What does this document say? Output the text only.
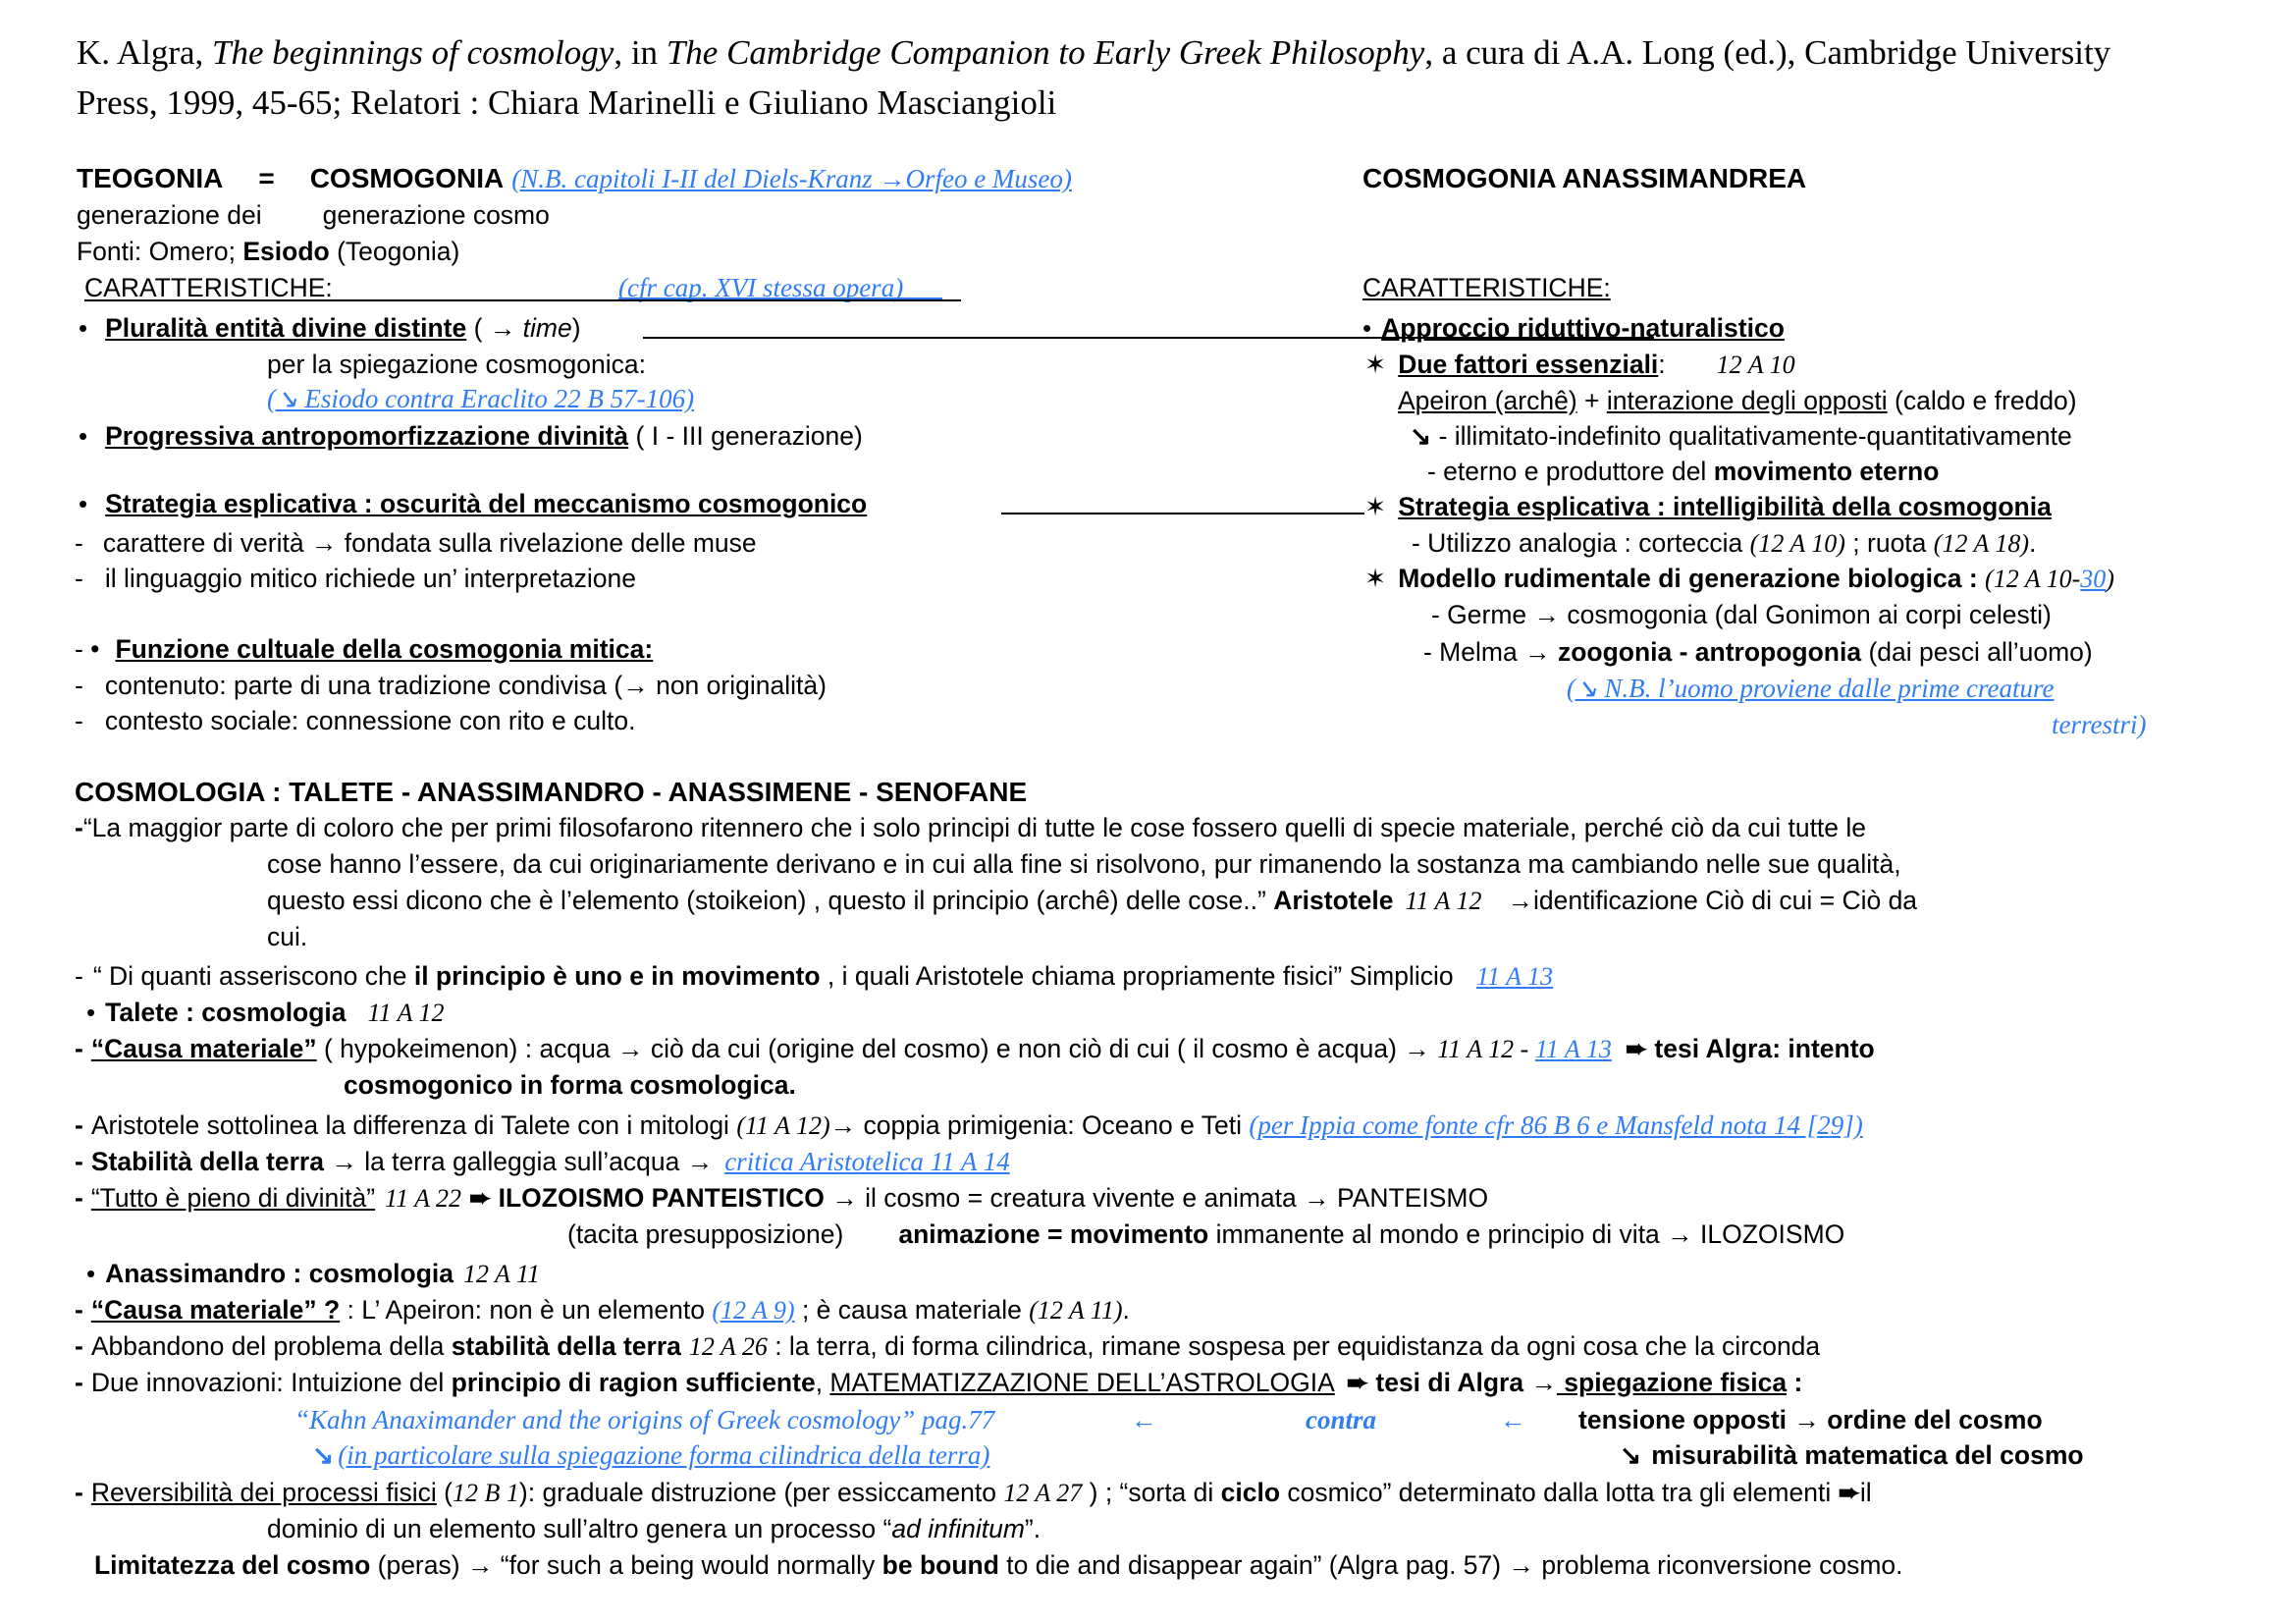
K. Algra, The beginnings of cosmology, in The Cambridge Companion to Early Greek Philosophy, a cura di A.A. Long (ed.), Cambridge University
Press, 1999, 45-65; Relatori : Chiara Marinelli e Giuliano Masciangioli
TEOGONIA = COSMOGONIA (N.B. capitoli I-II del Diels-Kranz →Orfeo e Museo)
generazione dei generazione cosmo
Fonti: Omero; Esiodo (Teogonia)
CARATTERISTICHE:	(cfr cap. XVI stessa opera)
• Pluralità entità divine distinte ( → time)
per la spiegazione cosmogonica:
(↘ Esiodo contra Eraclito 22 B 57-106)
• Progressiva antropomorfizzazione divinità ( I - III generazione)
• Strategia esplicativa : oscurità del meccanismo cosmogonico
- carattere di verità → fondata sulla rivelazione delle muse
- il linguaggio mitico richiede un’ interpretazione
- • Funzione cultuale della cosmogonia mitica:
- contenuto: parte di una tradizione condivisa (→ non originalità)
- contesto sociale: connessione con rito e culto.
COSMOGONIA ANASSIMANDREA
CARATTERISTICHE:
• Approccio riduttivo-naturalistico
✶ Due fattori essenziali: 12 A 10
Apeiron (archê) + interazione degli opposti (caldo e freddo)
↘ - illimitato-indefinito qualitativamente-quantitativamente
- eterno e produttore del movimento eterno
✶ Strategia esplicativa : intelligibilità della cosmogonia
- Utilizzo analogia : corteccia (12 A 10) ; ruota (12 A 18).
✶ Modello rudimentale di generazione biologica : (12 A 10-30)
- Germe → cosmogonia (dal Gonimon ai corpi celesti)
- Melma → zoogonia - antropogonia (dai pesci all’uomo)
(↘ N.B. l’uomo proviene dalle prime creature
terrestri)
COSMOLOGIA : TALETE - ANASSIMANDRO - ANASSIMENE - SENOFANE
-“La maggior parte di coloro che per primi filosofarono ritennero che i solo principi di tutte le cose fossero quelli di specie materiale, perché ciò da cui tutte le
cose hanno l’essere, da cui originariamente derivano e in cui alla fine si risolvono, pur rimanendo la sostanza ma cambiando nelle sue qualità,
questo essi dicono che è l’elemento (stoikeion) , questo il principio (archê) delle cose..” Aristotele 11 A 12 →identificazione Ciò di cui = Ciò da
cui.
- “ Di quanti asseriscono che il principio è uno e in movimento , i quali Aristotele chiama propriamente fisici” Simplicio 11 A 13
• Talete : cosmologia 11 A 12
- “Causa materiale” ( hypokeimenon) : acqua → ciò da cui (origine del cosmo) e non ciò di cui ( il cosmo è acqua) → 11 A 12 - 11 A 13 ➨ tesi Algra: intento
cosmogonico in forma cosmologica.
- Aristotele sottolinea la differenza di Talete con i mitologi (11 A 12)→ coppia primigenia: Oceano e Teti (per Ippia come fonte cfr 86 B 6 e Mansfeld nota 14 [29])
- Stabilità della terra → la terra galleggia sull’acqua → critica Aristotelica 11 A 14
- “Tutto è pieno di divinità” 11 A 22 ➨ ILOZOISMO PANTEISTICO → il cosmo = creatura vivente e animata → PANTEISMO
(tacita presupposizione) animazione = movimento immanente al mondo e principio di vita → ILOZOISMO
• Anassimandro : cosmologia 12 A 11
- “Causa materiale” ? : L’ Apeiron: non è un elemento (12 A 9) ; è causa materiale (12 A 11).
- Abbandono del problema della stabilità della terra 12 A 26 : la terra, di forma cilindrica, rimane sospesa per equidistanza da ogni cosa che la circonda
- Due innovazioni: Intuizione del principio di ragion sufficiente, MATEMATIZZAZIONE DELL’ASTROLOGIA ➨ tesi di Algra → spiegazione fisica :
“Kahn Anaximander and the origins of Greek cosmology” pag.77	←	contra	← tensione opposti → ordine del cosmo
↘ (in particolare sulla spiegazione forma cilindrica della terra)	↘ misurabilità matematica del cosmo
- Reversibilità dei processi fisici (12 B 1): graduale distruzione (per essiccamento 12 A 27 ) ; “sorta di ciclo cosmico” determinato dalla lotta tra gli elementi ➨il
dominio di un elemento sull’altro genera un processo “ad infinitum”.
Limitatezza del cosmo (peras) → “for such a being would normally be bound to die and disappear again” (Algra pag. 57) → problema riconversione cosmo.
